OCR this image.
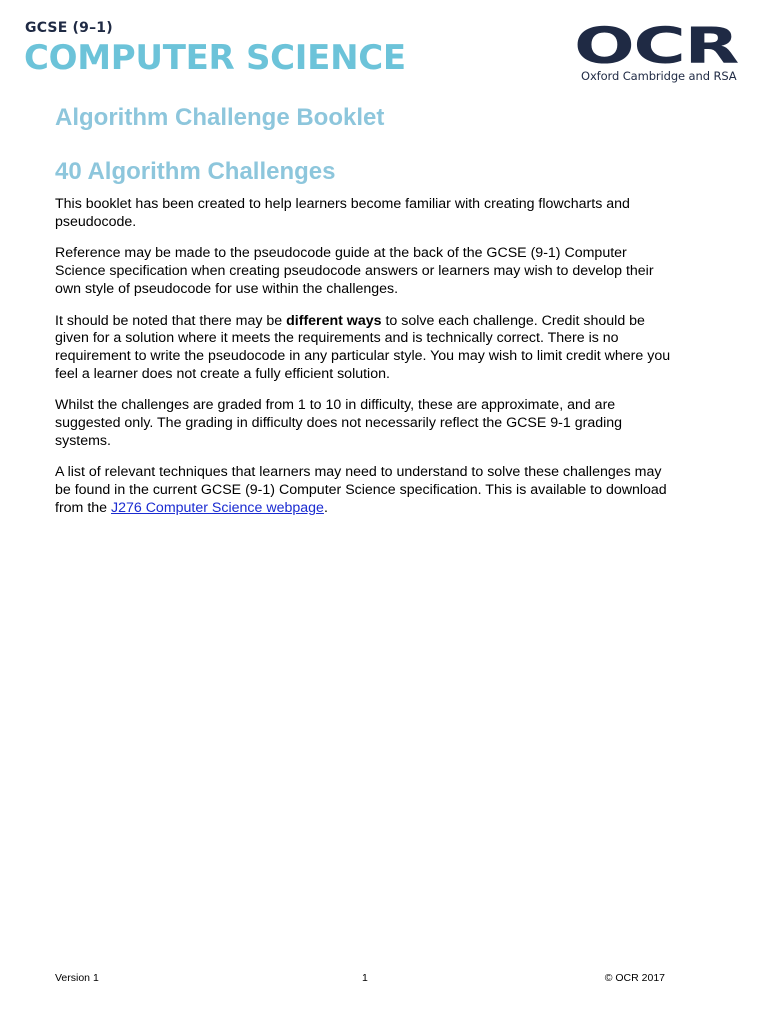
GCSE (9–1)
COMPUTER SCIENCE	OCR
Oxford Cambridge and RSA
Algorithm Challenge Booklet
40 Algorithm Challenges

This booklet has been created to help learners become familiar with creating flowcharts and pseudocode.

Reference may be made to the pseudocode guide at the back of the GCSE (9-1) Computer Science specification when creating pseudocode answers or learners may wish to develop their own style of pseudocode for use within the challenges.

It should be noted that there may be different ways to solve each challenge. Credit should be given for a solution where it meets the requirements and is technically correct. There is no requirement to write the pseudocode in any particular style. You may wish to limit credit where you feel a learner does not create a fully efficient solution.

Whilst the challenges are graded from 1 to 10 in difficulty, these are approximate, and are suggested only. The grading in difficulty does not necessarily reflect the GCSE 9-1 grading systems.

A list of relevant techniques that learners may need to understand to solve these challenges may be found in the current GCSE (9-1) Computer Science specification. This is available to download from the J276 Computer Science webpage.

Version 1	1	© OCR 2017
